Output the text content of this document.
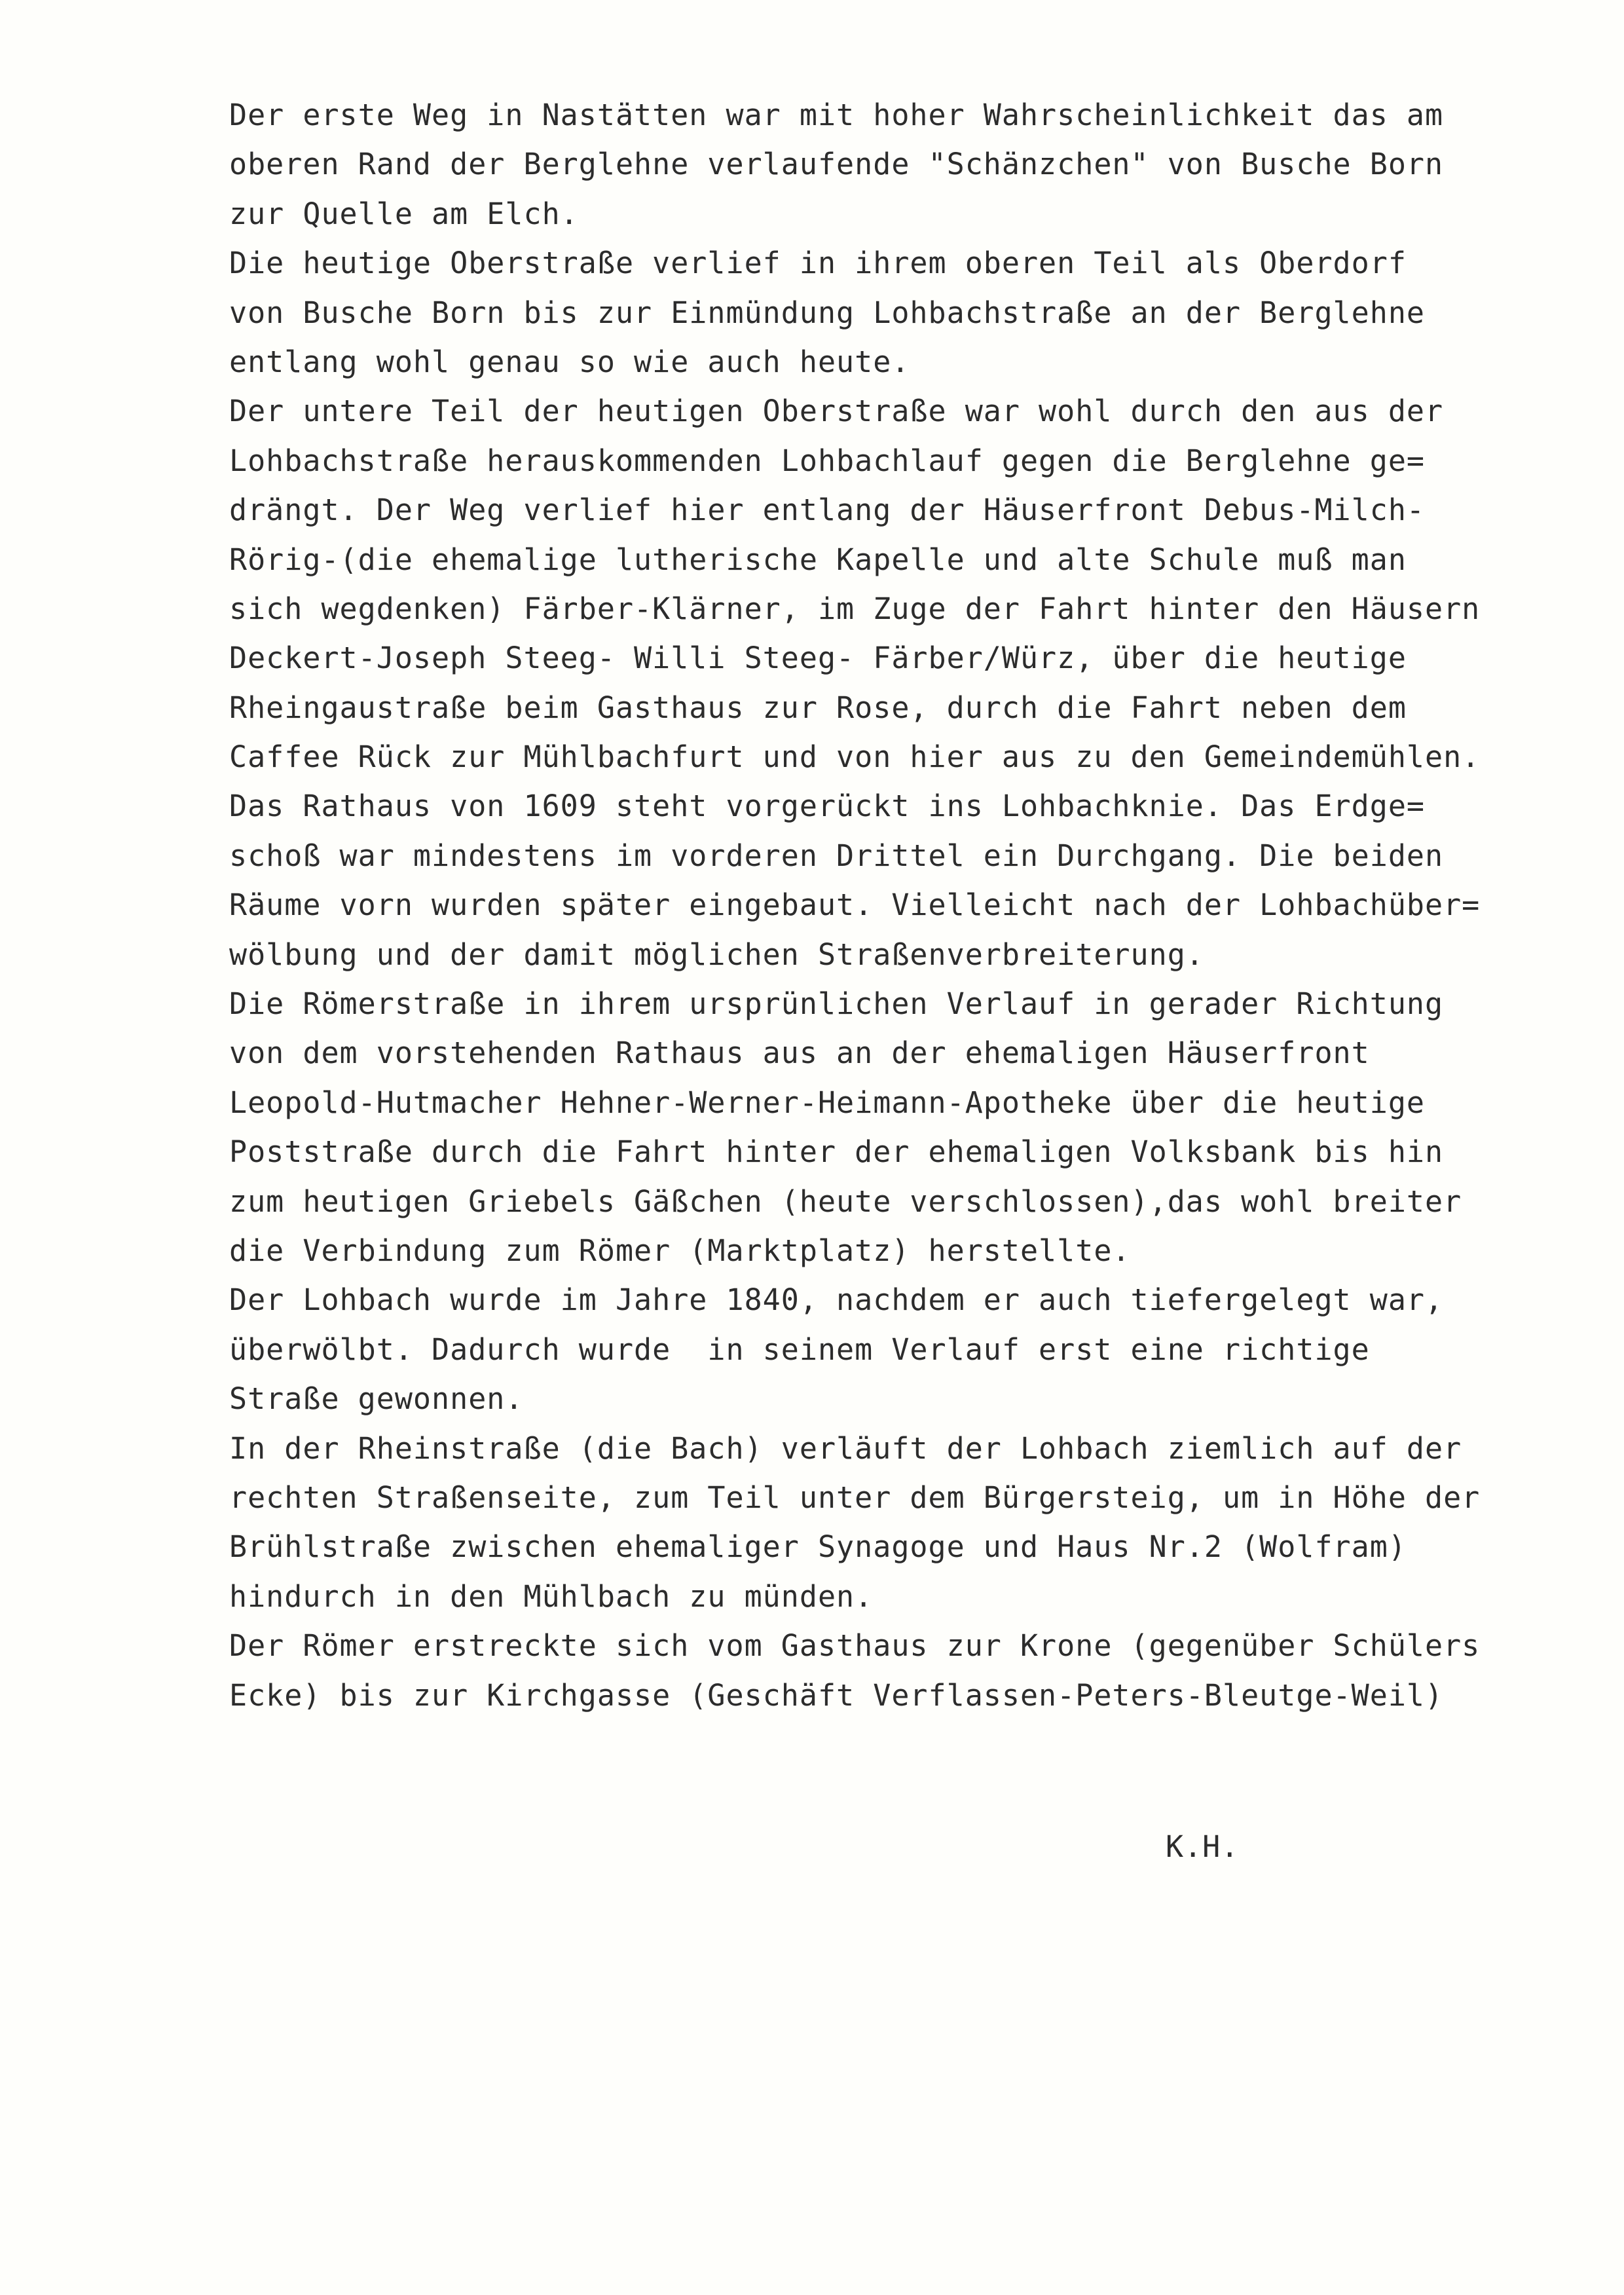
Der erste Weg in Nastätten war mit hoher Wahrscheinlichkeit das am
oberen Rand der Berglehne verlaufende "Schänzchen" von Busche Born
zur Quelle am Elch.
Die heutige Oberstraße verlief in ihrem oberen Teil als Oberdorf
von Busche Born bis zur Einmündung Lohbachstraße an der Berglehne
entlang wohl genau so wie auch heute.
Der untere Teil der heutigen Oberstraße war wohl durch den aus der
Lohbachstraße herauskommenden Lohbachlauf gegen die Berglehne ge=
drängt. Der Weg verlief hier entlang der Häuserfront Debus-Milch-
Rörig-(die ehemalige lutherische Kapelle und alte Schule muß man
sich wegdenken) Färber-Klärner, im Zuge der Fahrt hinter den Häusern
Deckert-Joseph Steeg- Willi Steeg- Färber/Würz, über die heutige
Rheingaustraße beim Gasthaus zur Rose, durch die Fahrt neben dem
Caffee Rück zur Mühlbachfurt und von hier aus zu den Gemeindemühlen.
Das Rathaus von 1609 steht vorgerückt ins Lohbachknie. Das Erdge=
schoß war mindestens im vorderen Drittel ein Durchgang. Die beiden
Räume vorn wurden später eingebaut. Vielleicht nach der Lohbachüber=
wölbung und der damit möglichen Straßenverbreiterung.
Die Römerstraße in ihrem ursprünlichen Verlauf in gerader Richtung
von dem vorstehenden Rathaus aus an der ehemaligen Häuserfront
Leopold-Hutmacher Hehner-Werner-Heimann-Apotheke über die heutige
Poststraße durch die Fahrt hinter der ehemaligen Volksbank bis hin
zum heutigen Griebels Gäßchen (heute verschlossen),das wohl breiter
die Verbindung zum Römer (Marktplatz) herstellte.
Der Lohbach wurde im Jahre 1840, nachdem er auch tiefergelegt war,
überwölbt. Dadurch wurde  in seinem Verlauf erst eine richtige
Straße gewonnen.
In der Rheinstraße (die Bach) verläuft der Lohbach ziemlich auf der
rechten Straßenseite, zum Teil unter dem Bürgersteig, um in Höhe der
Brühlstraße zwischen ehemaliger Synagoge und Haus Nr.2 (Wolfram)
hindurch in den Mühlbach zu münden.
Der Römer erstreckte sich vom Gasthaus zur Krone (gegenüber Schülers
Ecke) bis zur Kirchgasse (Geschäft Verflassen-Peters-Bleutge-Weil)
K.H.
